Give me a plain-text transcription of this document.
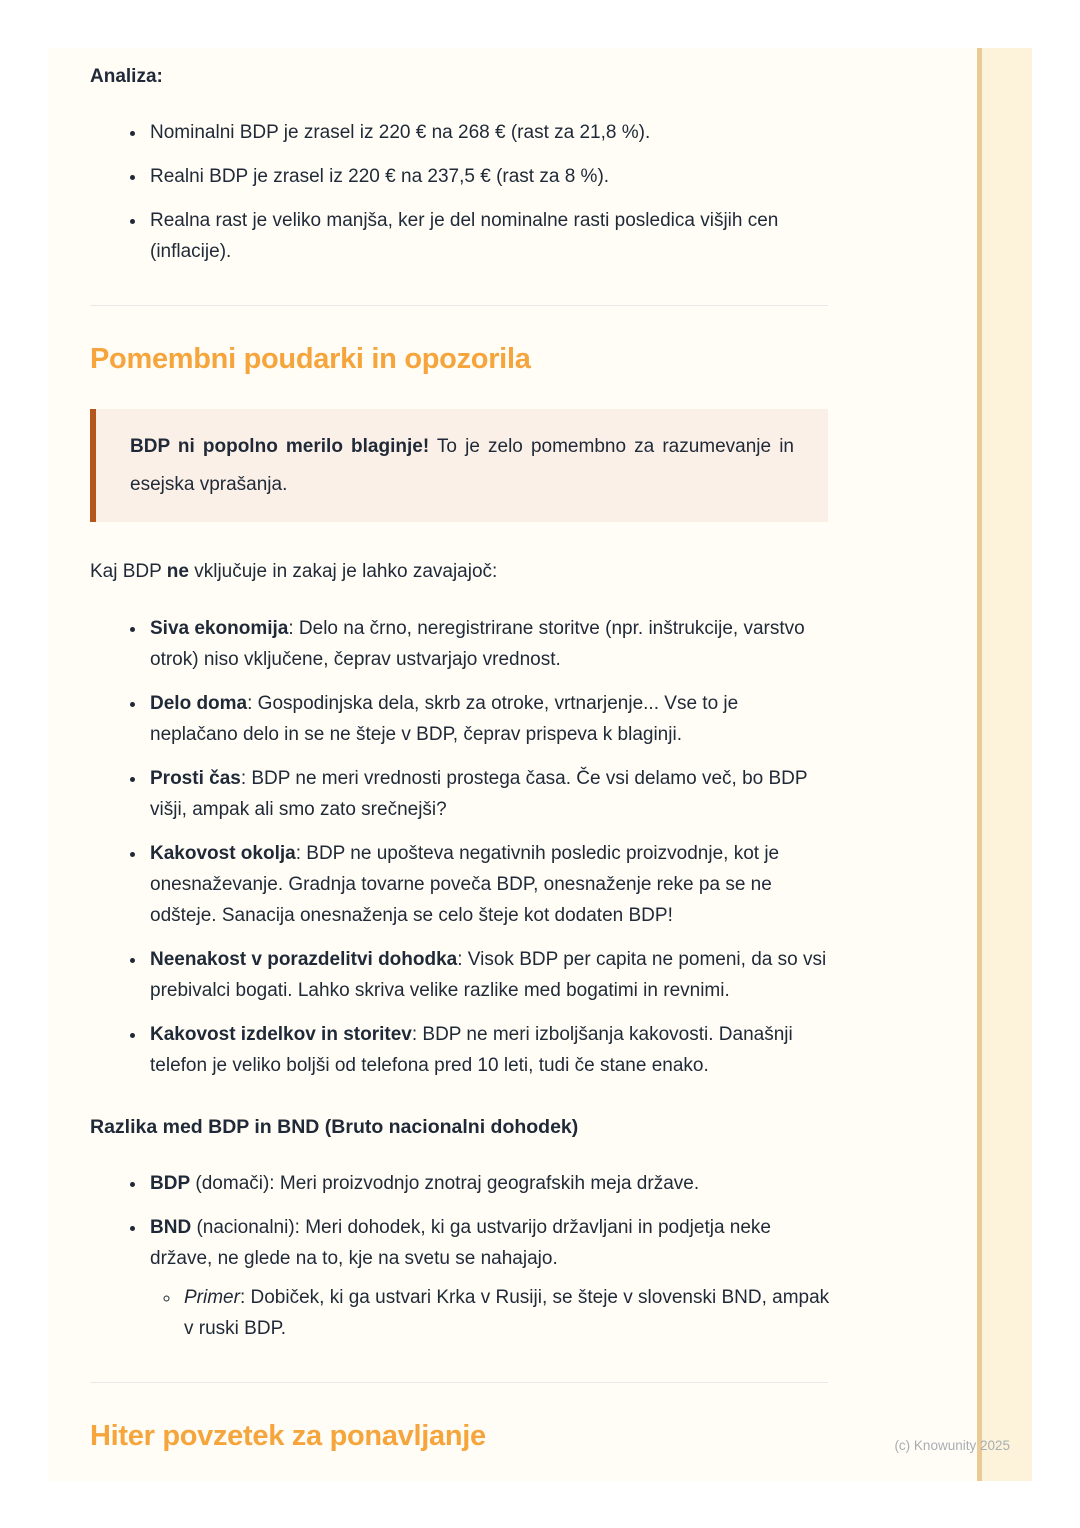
Analiza:

• Nominalni BDP je zrasel iz 220 € na 268 € (rast za 21,8 %).
• Realni BDP je zrasel iz 220 € na 237,5 € (rast za 8 %).
• Realna rast je veliko manjša, ker je del nominalne rasti posledica višjih cen (inflacije).
Pomembni poudarki in opozorila

BDP ni popolno merilo blaginje! To je zelo pomembno za razumevanje in esejska vprašanja.

Kaj BDP ne vključuje in zakaj je lahko zavajajoč:

• Siva ekonomija: Delo na črno, neregistrirane storitve (npr. inštrukcije, varstvo otrok) niso vključene, čeprav ustvarjajo vrednost.
• Delo doma: Gospodinjska dela, skrb za otroke, vrtnarjenje... Vse to je neplačano delo in se ne šteje v BDP, čeprav prispeva k blaginji.
• Prosti čas: BDP ne meri vrednosti prostega časa. Če vsi delamo več, bo BDP višji, ampak ali smo zato srečnejši?
• Kakovost okolja: BDP ne upošteva negativnih posledic proizvodnje, kot je onesnaževanje. Gradnja tovarne poveča BDP, onesnaženje reke pa se ne odšteje. Sanacija onesnaženja se celo šteje kot dodaten BDP!
• Neenakost v porazdelitvi dohodka: Visok BDP per capita ne pomeni, da so vsi prebivalci bogati. Lahko skriva velike razlike med bogatimi in revnimi.
• Kakovost izdelkov in storitev: BDP ne meri izboljšanja kakovosti. Današnji telefon je veliko boljši od telefona pred 10 leti, tudi če stane enako.

Razlika med BDP in BND (Bruto nacionalni dohodek)

• BDP (domači): Meri proizvodnjo znotraj geografskih meja države.
• BND (nacionalni): Meri dohodek, ki ga ustvarijo državljani in podjetja neke države, ne glede na to, kje na svetu se nahajajo.
◦ Primer: Dobiček, ki ga ustvari Krka v Rusiji, se šteje v slovenski BND, ampak v ruski BDP.
Hiter povzetek za ponavljanje	(c) Knowunity 2025
